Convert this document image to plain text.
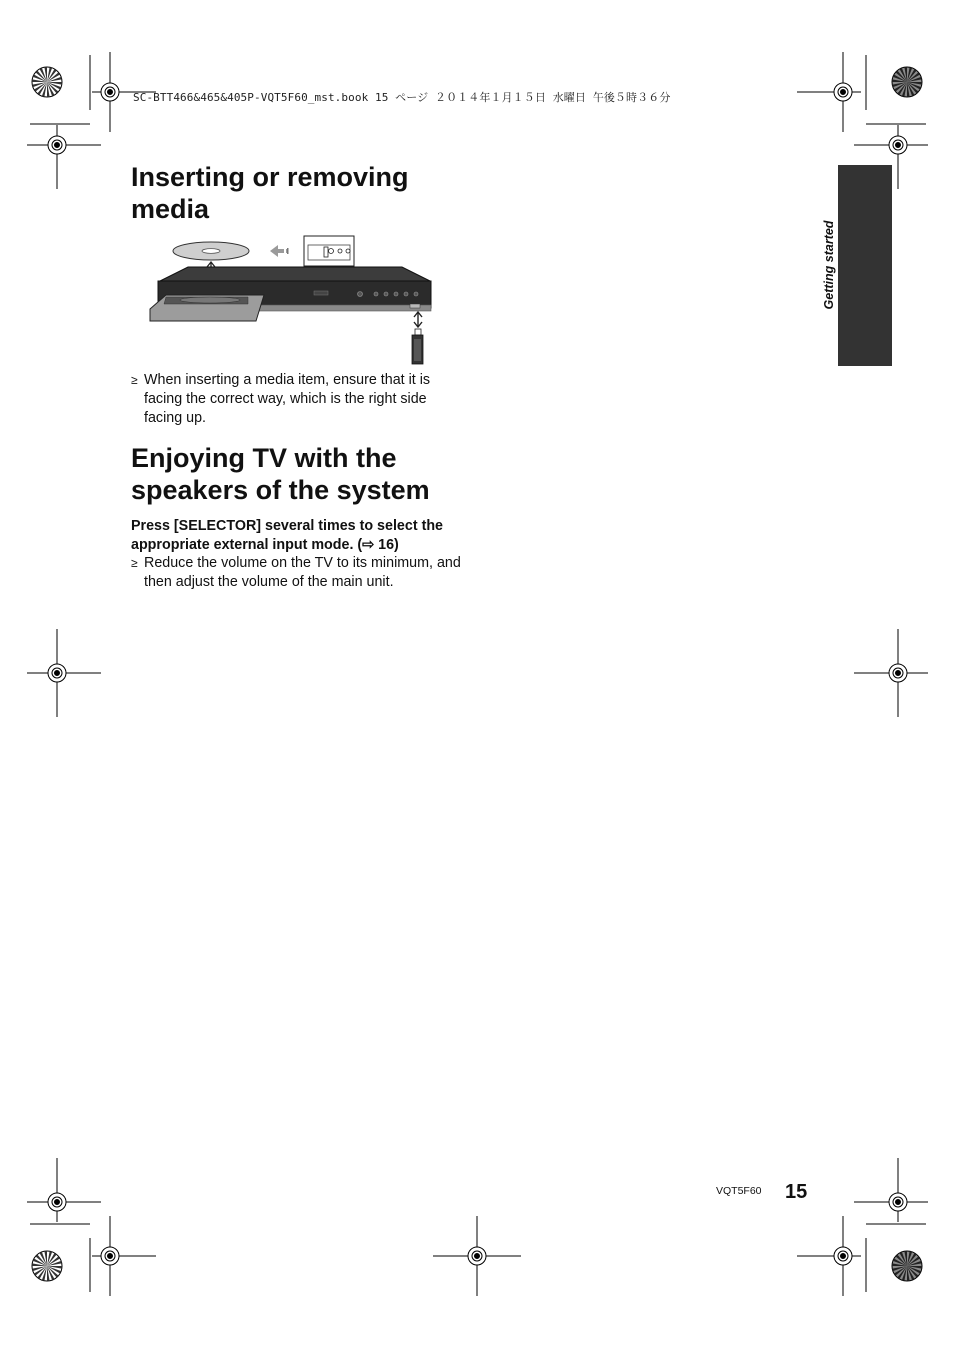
SC-BTT466&465&405P-VQT5F60_mst.book 15 ページ ２０１４年１月１５日 水曜日 午後５時３６分
Getting started
Inserting or removing media
≥ When inserting a media item, ensure that it is facing the correct way, which is the right side facing up.
Enjoying TV with the speakers of the system
Press [SELECTOR] several times to select the appropriate external input mode. (⇨ 16)
≥ Reduce the volume on the TV to its minimum, and then adjust the volume of the main unit.
VQT5F60 15
